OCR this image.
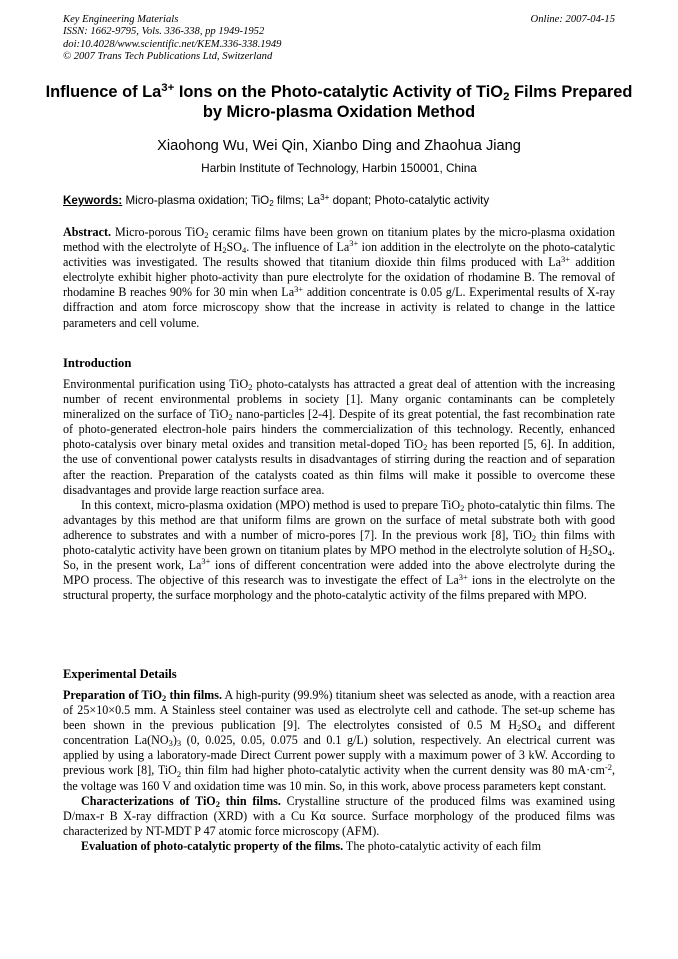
Key Engineering Materials
ISSN: 1662-9795, Vols. 336-338, pp 1949-1952
doi:10.4028/www.scientific.net/KEM.336-338.1949
© 2007 Trans Tech Publications Ltd, Switzerland
Online: 2007-04-15
Influence of $La^{3+}$ Ions on the Photo-catalytic Activity of TiO$_2$ Films Prepared by Micro-plasma Oxidation Method
Xiaohong Wu, Wei Qin, Xianbo Ding and Zhaohua Jiang
Harbin Institute of Technology, Harbin 150001, China
Keywords: Micro-plasma oxidation; TiO$_2$ films; $La^{3+}$ dopant; Photo-catalytic activity

Abstract. Micro-porous TiO$_2$ ceramic films have been grown on titanium plates by the micro-plasma oxidation method with the electrolyte of $H_2SO_4$. The influence of $La^{3+}$ ion addition in the electrolyte on the photo-catalytic activities was investigated. The results showed that titanium dioxide thin films produced with $La^{3+}$ addition electrolyte exhibit higher photo-activity than pure electrolyte for the oxidation of rhodamine B. The removal of rhodamine B reaches 90% for 30 min when $La^{3+}$ addition concentrate is 0.05 g/L. Experimental results of X-ray diffraction and atom force microscopy show that the increase in activity is related to change in the lattice parameters and cell volume.

Introduction

Environmental purification using TiO$_2$ photo-catalysts has attracted a great deal of attention with the increasing number of recent environmental problems in society [1]. Many organic contaminants can be completely mineralized on the surface of TiO$_2$ nano-particles [2-4]. Despite of its great potential, the fast recombination rate of photo-generated electron-hole pairs hinders the commercialization of this technology. Recently, enhanced photo-catalysis over binary metal oxides and transition metal-doped TiO$_2$ has been reported [5, 6]. In addition, the use of conventional power catalysts results in disadvantages of stirring during the reaction and of separation after the reaction. Preparation of the catalysts coated as thin films will make it possible to overcome these disadvantages and provide large reaction surface area.

In this context, micro-plasma oxidation (MPO) method is used to prepare TiO$_2$ photo-catalytic thin films. The advantages by this method are that uniform films are grown on the surface of metal substrate both with good adherence to substrates and with a number of micro-pores [7]. In the previous work [8], TiO$_2$ thin films with photo-catalytic activity have been grown on titanium plates by MPO method in the electrolyte solution of $H_2SO_4$. So, in the present work, $La^{3+}$ ions of different concentration were added into the above electrolyte during the MPO process. The objective of this research was to investigate the effect of $La^{3+}$ ions in the electrolyte on the structural property, the surface morphology and the photo-catalytic activity of the films prepared with MPO.

Experimental Details

Preparation of TiO$_2$ thin films. A high-purity (99.9%) titanium sheet was selected as anode, with a reaction area of 25×10×0.5 mm. A Stainless steel container was used as electrolyte cell and cathode. The set-up scheme has been shown in the previous publication [9]. The electrolytes consisted of 0.5 M $H_2SO_4$ and different concentration $La(NO_3)_3$ (0, 0.025, 0.05, 0.075 and 0.1 g/L) solution, respectively. An electrical current was applied by using a laboratory-made Direct Current power supply with a maximum power of 3 kW. According to previous work [8], TiO$_2$ thin film had higher photo-catalytic activity when the current density was 80 $mA\cdot cm^{-2}$, the voltage was 160 V and oxidation time was 10 min. So, in this work, above process parameters kept constant.

Characterizations of TiO$_2$ thin films. Crystalline structure of the produced films was examined using D/max-r B X-ray diffraction (XRD) with a Cu Kα source. Surface morphology of the produced films was characterized by NT-MDT P 47 atomic force microscopy (AFM).

Evaluation of photo-catalytic property of the films. The photo-catalytic activity of each film
